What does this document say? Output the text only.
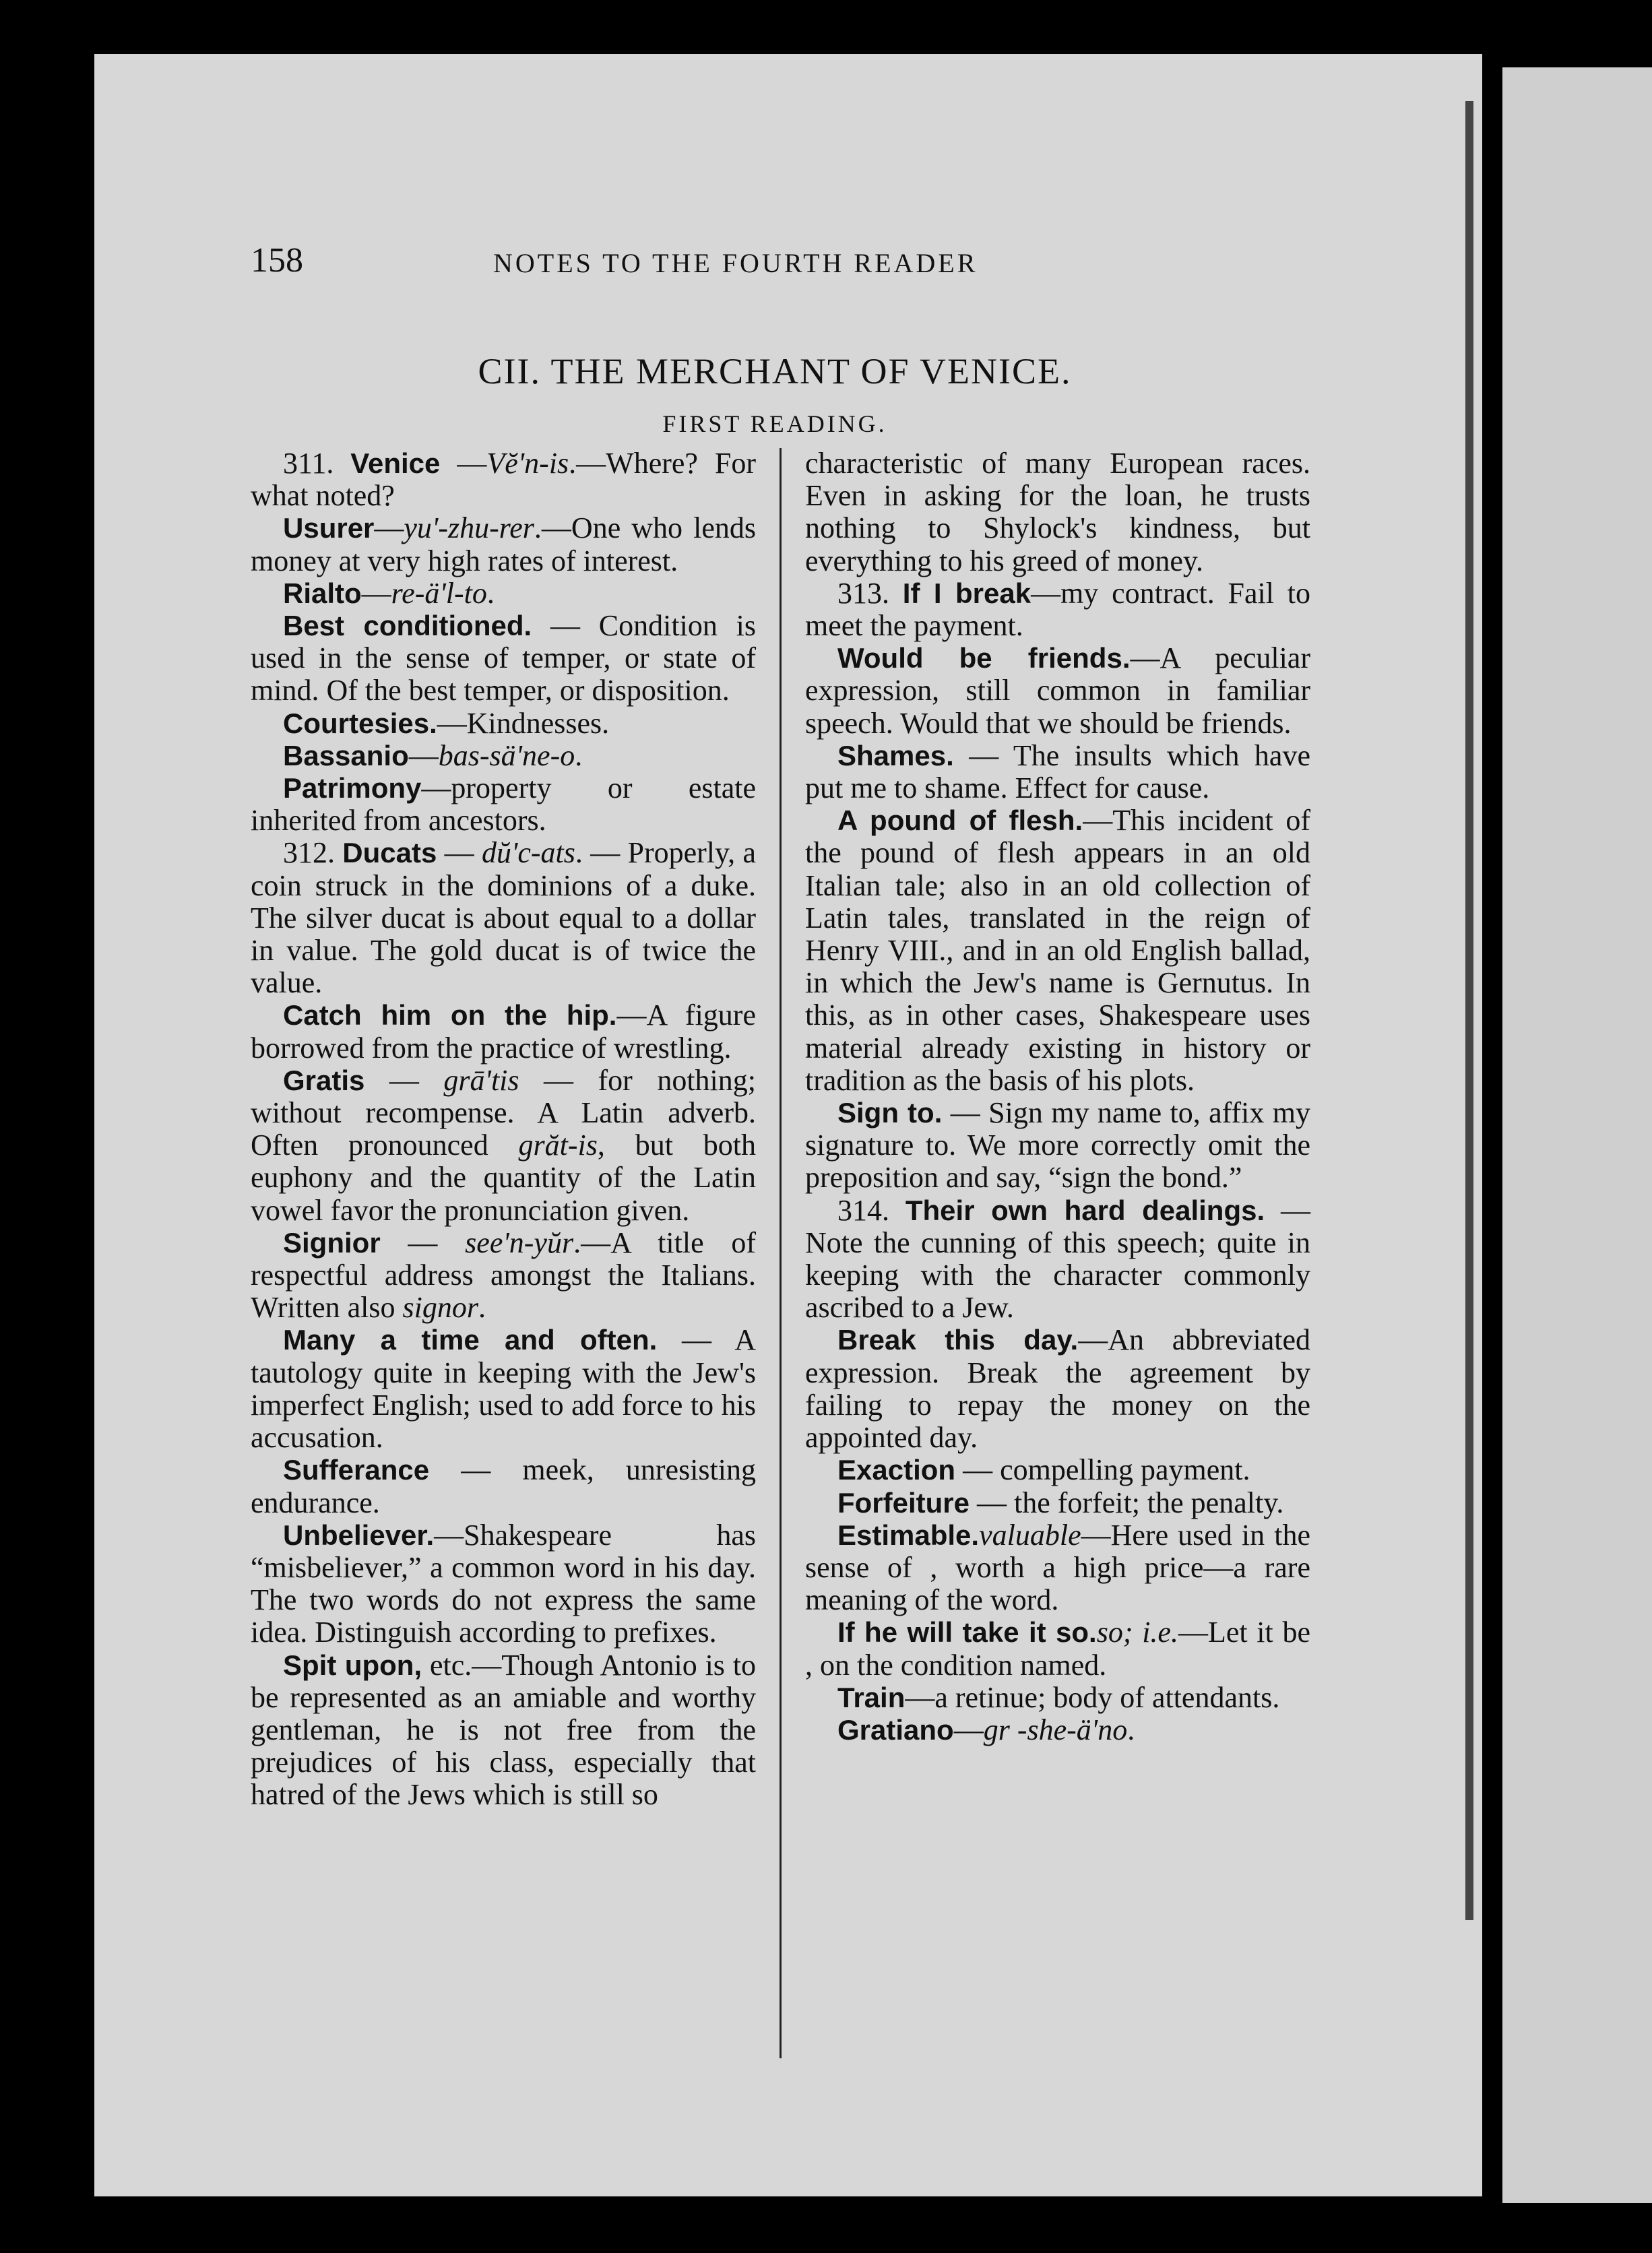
158	NOTES TO THE FOURTH READER
CII. THE MERCHANT OF VENICE.
FIRST READING.

311. Venice —Vĕ'n-is.—Where? For what noted?

Usurer—yu'-zhu-rer.—One who lends money at very high rates of interest.

Rialto—re-ä'l-to.

Best conditioned. — Condition is used in the sense of temper, or state of mind. Of the best temper, or disposition.

Courtesies.—Kindnesses.

Bassanio—bas-sä'ne-o.

Patrimony—property or estate inherited from ancestors.

312. Ducats — dŭ'c-ats. — Properly, a coin struck in the dominions of a duke. The silver ducat is about equal to a dollar in value. The gold ducat is of twice the value.

Catch him on the hip.—A figure borrowed from the practice of wrestling.

Gratis — grā'tis — for nothing; without recompense. A Latin adverb. Often pronounced grăt-is, but both euphony and the quantity of the Latin vowel favor the pronunciation given.

Signior — see'n-yŭr.—A title of respectful address amongst the Italians. Written also signor.

Many a time and often. — A tautology quite in keeping with the Jew's imperfect English; used to add force to his accusation.

Sufferance — meek, unresisting endurance.

Unbeliever.—Shakespeare has “misbeliever,” a common word in his day. The two words do not express the same idea. Distinguish according to prefixes.

Spit upon, etc.—Though Antonio is to be represented as an amiable and worthy gentleman, he is not free from the prejudices of his class, especially that hatred of the Jews which is still so

characteristic of many European races. Even in asking for the loan, he trusts nothing to Shylock's kindness, but everything to his greed of money.

313. If I break—my contract. Fail to meet the payment.

Would be friends.—A peculiar expression, still common in familiar speech. Would that we should be friends.

Shames. — The insults which have put me to shame. Effect for cause.

A pound of flesh.—This incident of the pound of flesh appears in an old Italian tale; also in an old collection of Latin tales, translated in the reign of Henry VIII., and in an old English ballad, in which the Jew's name is Gernutus. In this, as in other cases, Shakespeare uses material already existing in history or tradition as the basis of his plots.

Sign to. — Sign my name to, affix my signature to. We more correctly omit the preposition and say, “sign the bond.”

314. Their own hard dealings. —Note the cunning of this speech; quite in keeping with the character commonly ascribed to a Jew.

Break this day.—An abbreviated expression. Break the agreement by failing to repay the money on the appointed day.

Exaction — compelling payment.

Forfeiture — the forfeit; the penalty.

Estimable.valuable—Here used in the sense of , worth a high price—a rare meaning of the word.

If he will take it so.so; i.e.—Let it be , on the condition named.

Train—a retinue; body of attendants.

Gratiano—gr -she-ä'no.
